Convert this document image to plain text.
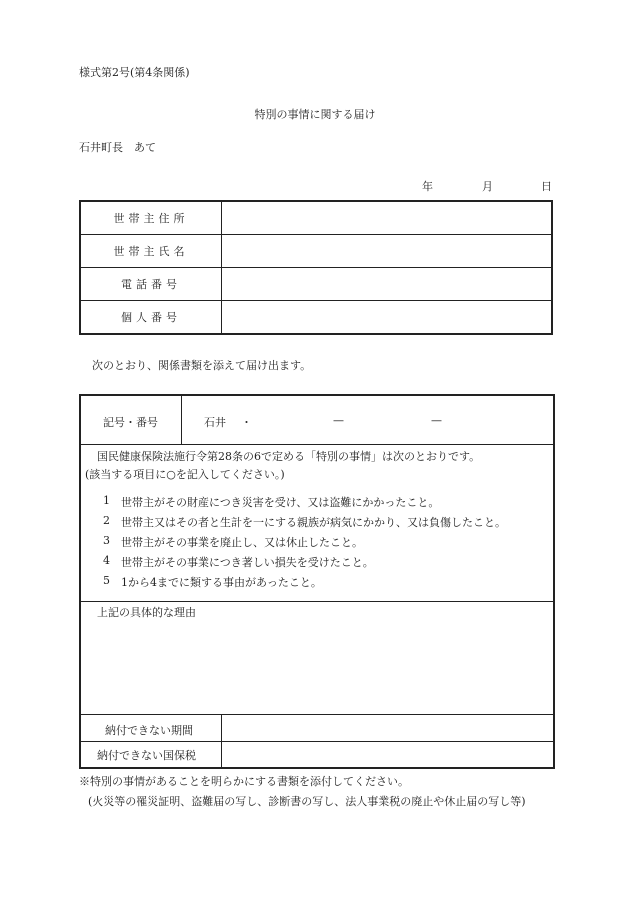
様式第2号(第4条関係)
特別の事情に関する届け
石井町長　あて
年	月	日
世帯主住所	
世帯主氏名	
電話番号	
個人番号	
次のとおり、関係書類を添えて届け出ます。
記号・番号	石井 ・	—	—
国民健康保険法施行令第28条の6で定める「特別の事情」は次のとおりです。
(該当する項目に○を記入してください。)
1 世帯主がその財産につき災害を受け、又は盗難にかかったこと。
2 世帯主又はその者と生計を一にする親族が病気にかかり、又は負傷したこと。
3 世帯主がその事業を廃止し、又は休止したこと。
4 世帯主がその事業につき著しい損失を受けたこと。
5 1から4までに類する事由があったこと。
上記の具体的な理由
納付できない期間
納付できない国保税
※特別の事情があることを明らかにする書類を添付してください。
(火災等の罹災証明、盗難届の写し、診断書の写し、法人事業税の廃止や休止届の写し等)
